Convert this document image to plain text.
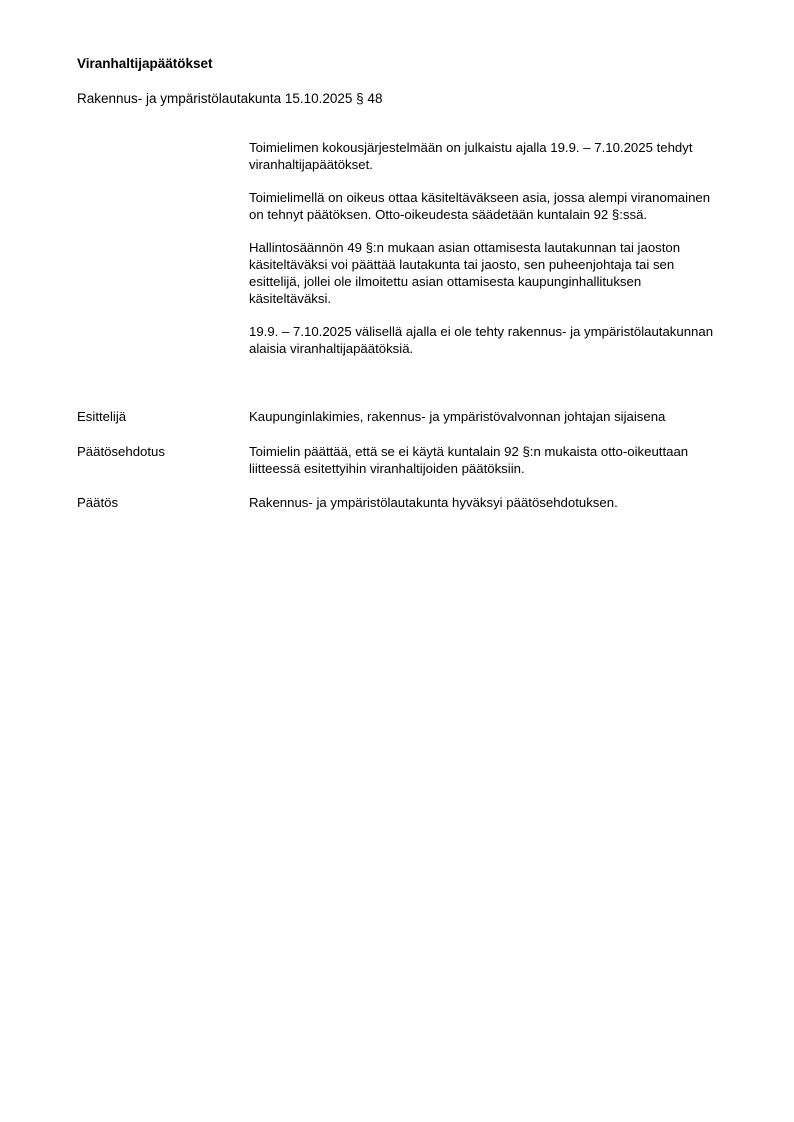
Viranhaltijapäätökset

Rakennus- ja ympäristölautakunta 15.10.2025 § 48

Toimielimen kokousjärjestelmään on julkaistu ajalla 19.9. – 7.10.2025 tehdyt viranhaltijapäätökset.

Toimielimellä on oikeus ottaa käsiteltäväkseen asia, jossa alempi viranomainen on tehnyt päätöksen. Otto-oikeudesta säädetään kuntalain 92 §:ssä.

Hallintosäännön 49 §:n mukaan asian ottamisesta lautakunnan tai jaoston käsiteltäväksi voi päättää lautakunta tai jaosto, sen puheenjohtaja tai sen esittelijä, jollei ole ilmoitettu asian ottamisesta kaupunginhallituksen käsiteltäväksi.

19.9. – 7.10.2025 välisellä ajalla ei ole tehty rakennus- ja ympäristölautakunnan alaisia viranhaltijapäätöksiä.

Esittelijä	Kaupunginlakimies, rakennus- ja ympäristövalvonnan johtajan sijaisena
Päätösehdotus	Toimielin päättää, että se ei käytä kuntalain 92 §:n mukaista otto-oikeuttaan liitteessä esitettyihin viranhaltijoiden päätöksiin.
Päätös	Rakennus- ja ympäristölautakunta hyväksyi päätösehdotuksen.
